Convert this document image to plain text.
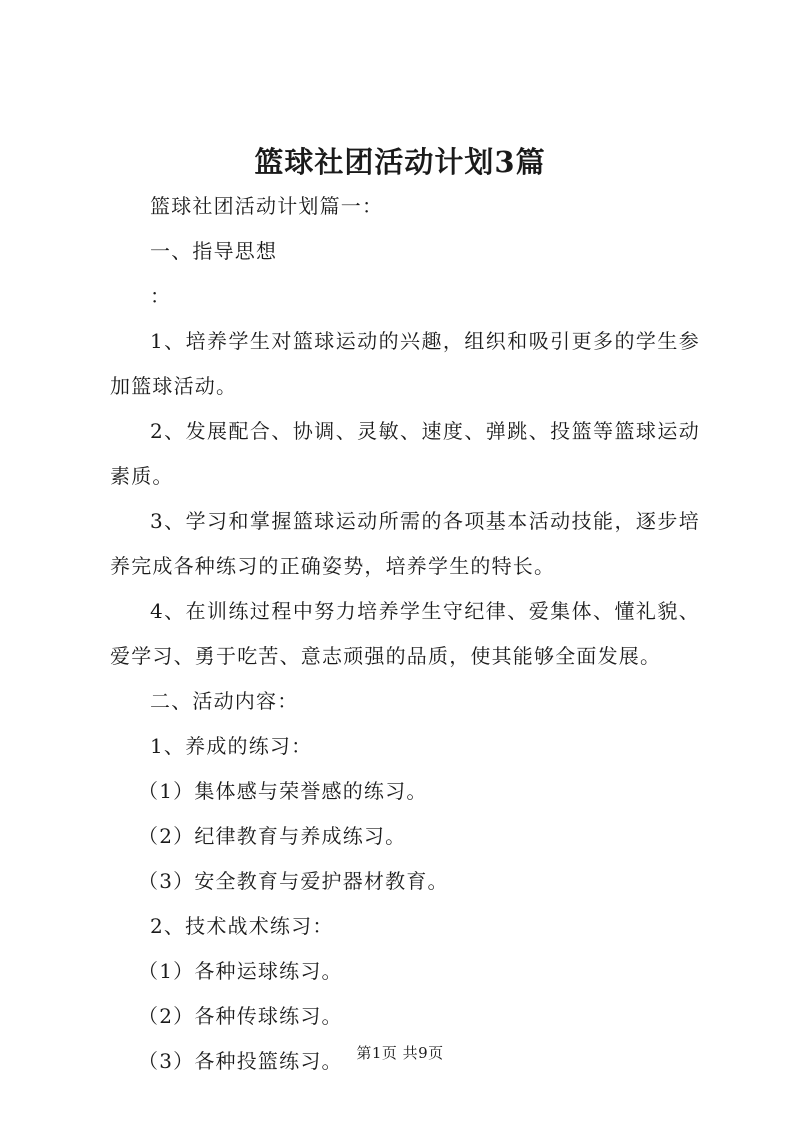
篮球社团活动计划3篇

篮球社团活动计划篇一：

一、指导思想

：

1、培养学生对篮球运动的兴趣，组织和吸引更多的学生参加篮球活动。

2、发展配合、协调、灵敏、速度、弹跳、投篮等篮球运动素质。

3、学习和掌握篮球运动所需的各项基本活动技能，逐步培养完成各种练习的正确姿势，培养学生的特长。

4、在训练过程中努力培养学生守纪律、爱集体、懂礼貌、爱学习、勇于吃苦、意志顽强的品质，使其能够全面发展。

二、活动内容：

1、养成的练习：

（1）集体感与荣誉感的练习。

（2）纪律教育与养成练习。

（3）安全教育与爱护器材教育。

2、技术战术练习：

（1）各种运球练习。

（2）各种传球练习。

（3）各种投篮练习。 第1页 共9页
